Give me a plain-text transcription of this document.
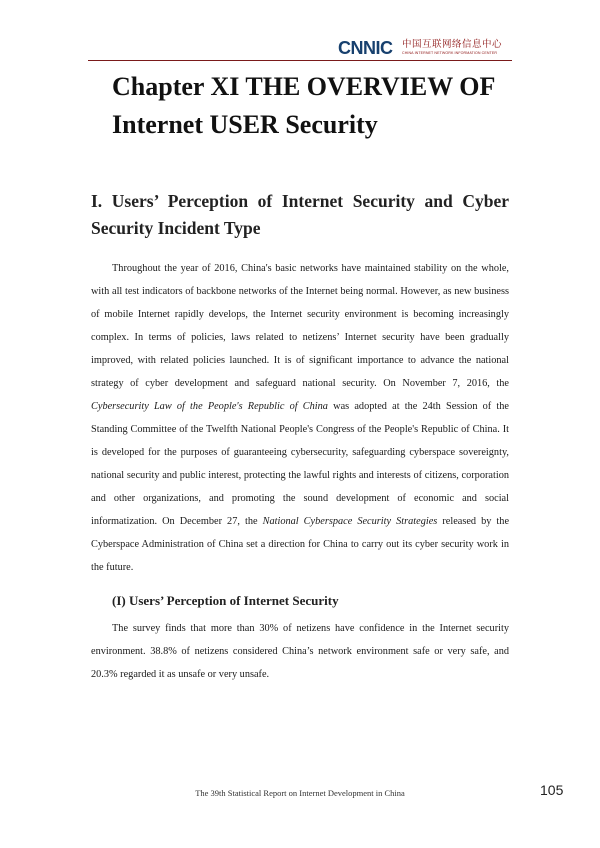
CNNIC 中国互联网络信息中心
CHINA INTERNET NETWORK INFORMATION CENTER
Chapter XI THE OVERVIEW OF
Internet USER Security
I. Users’ Perception of Internet Security and Cyber Security Incident Type

Throughout the year of 2016, China's basic networks have maintained stability on the whole, with all test indicators of backbone networks of the Internet being normal. However, as new business of mobile Internet rapidly develops, the Internet security environment is becoming increasingly complex. In terms of policies, laws related to netizens’ Internet security have been gradually improved, with related policies launched. It is of significant importance to advance the national strategy of cyber development and safeguard national security. On November 7, 2016, the Cybersecurity Law of the People's Republic of China was adopted at the 24th Session of the Standing Committee of the Twelfth National People's Congress of the People's Republic of China. It is developed for the purposes of guaranteeing cybersecurity, safeguarding cyberspace sovereignty, national security and public interest, protecting the lawful rights and interests of citizens, corporation and other organizations, and promoting the sound development of economic and social informatization. On December 27, the National Cyberspace Security Strategies released by the Cyberspace Administration of China set a direction for China to carry out its cyber security work in the future.

(I) Users’ Perception of Internet Security

The survey finds that more than 30% of netizens have confidence in the Internet security environment. 38.8% of netizens considered China’s network environment safe or very safe, and 20.3% regarded it as unsafe or very unsafe.

The 39th Statistical Report on Internet Development in China	105
